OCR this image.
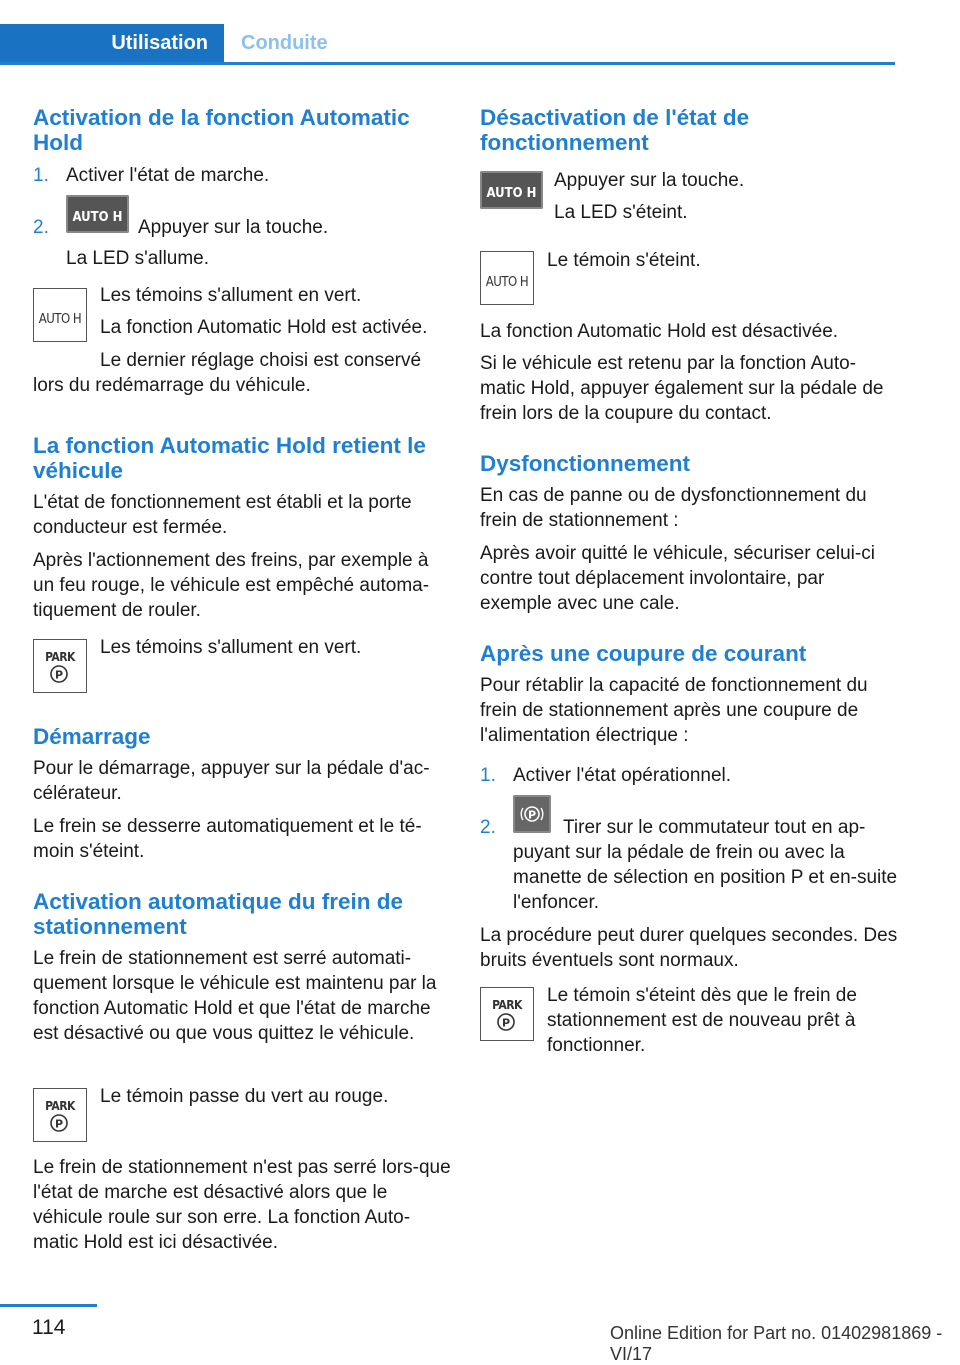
Utilisation	Conduite
Activation de la fonction Automatic Hold
1. Activer l'état de marche.

2.	AUTO H Appuyer sur la touche.

La LED s'allume.

AUTO H

Les témoins s'allument en vert.

La fonction Automatic Hold est activée.

Le dernier réglage choisi est conservé

lors du redémarrage du véhicule.

La fonction Automatic Hold retient le véhicule

L'état de fonctionnement est établi et la porte conducteur est fermée.

Après l'actionnement des freins, par exemple à un feu rouge, le véhicule est empêché automa‐tiquement de rouler.

PARK
P

Les témoins s'allument en vert.

Démarrage

Pour le démarrage, appuyer sur la pédale d'ac‐célérateur.

Le frein se desserre automatiquement et le té‐moin s'éteint.

Activation automatique du frein de stationnement

Le frein de stationnement est serré automati‐quement lorsque le véhicule est maintenu par la fonction Automatic Hold et que l'état de marche est désactivé ou que vous quittez le véhicule.

PARK
P

Le témoin passe du vert au rouge.

Le frein de stationnement n'est pas serré lors‐que l'état de marche est désactivé alors que le véhicule roule sur son erre. La fonction Auto‐matic Hold est ici désactivée.

Désactivation de l'état de fonctionnement
AUTO H

Appuyer sur la touche.

La LED s'éteint.

AUTO H

Le témoin s'éteint.

La fonction Automatic Hold est désactivée.

Si le véhicule est retenu par la fonction Auto‐matic Hold, appuyer également sur la pédale de frein lors de la coupure du contact.

Dysfonctionnement

En cas de panne ou de dysfonctionnement du frein de stationnement :

Après avoir quitté le véhicule, sécuriser celui-ci contre tout déplacement involontaire, par exemple avec une cale.

Après une coupure de courant

Pour rétablir la capacité de fonctionnement du frein de stationnement après une coupure de l'alimentation électrique :

1. Activer l'état opérationnel.

2.
P

Tirer sur le commutateur tout en ap‐

puyant sur la pédale de frein ou avec la manette de sélection en position P et en‐suite l'enfoncer.

La procédure peut durer quelques secondes. Des bruits éventuels sont normaux.

PARK
P

Le témoin s'éteint dès que le frein de stationnement est de nouveau prêt à fonctionner.

114	Online Edition for Part no. 01402981869 - VI/17
